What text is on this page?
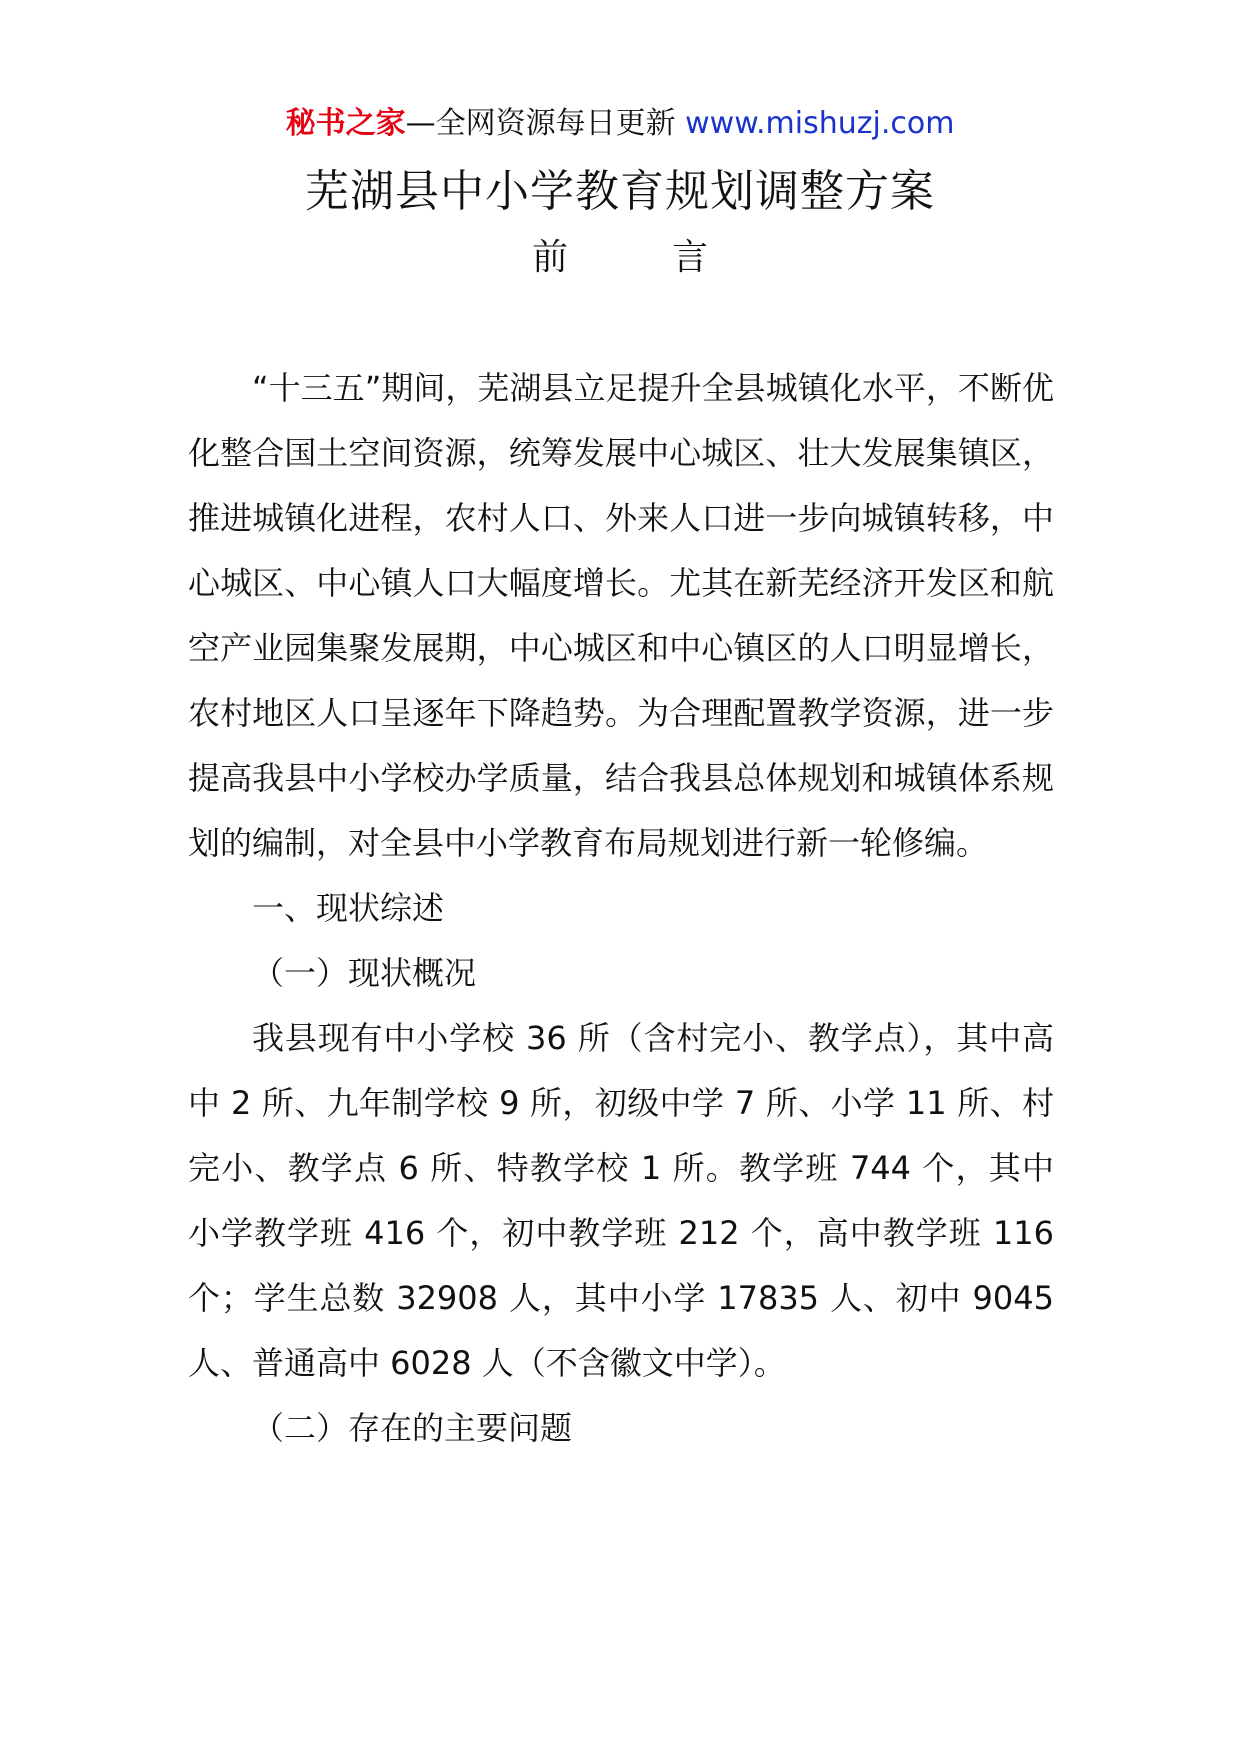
秘书之家—全网资源每日更新 www.mishuzj.com
芜湖县中小学教育规划调整方案
前	言

“十三五”期间，芜湖县立足提升全县城镇化水平，不断优化整合国土空间资源，统筹发展中心城区、壮大发展集镇区，推进城镇化进程，农村人口、外来人口进一步向城镇转移，中心城区、中心镇人口大幅度增长。尤其在新芜经济开发区和航空产业园集聚发展期，中心城区和中心镇区的人口明显增长，农村地区人口呈逐年下降趋势。为合理配置教学资源，进一步提高我县中小学校办学质量，结合我县总体规划和城镇体系规划的编制，对全县中小学教育布局规划进行新一轮修编。

一、现状综述

（一）现状概况

我县现有中小学校 36 所（含村完小、教学点），其中高中 2 所、九年制学校 9 所，初级中学 7 所、小学 11 所、村完小、教学点 6 所、特教学校 1 所。教学班 744 个，其中小学教学班 416 个，初中教学班 212 个，高中教学班 116 个；学生总数 32908 人，其中小学 17835 人、初中 9045 人、普通高中 6028 人（不含徽文中学）。

（二）存在的主要问题
